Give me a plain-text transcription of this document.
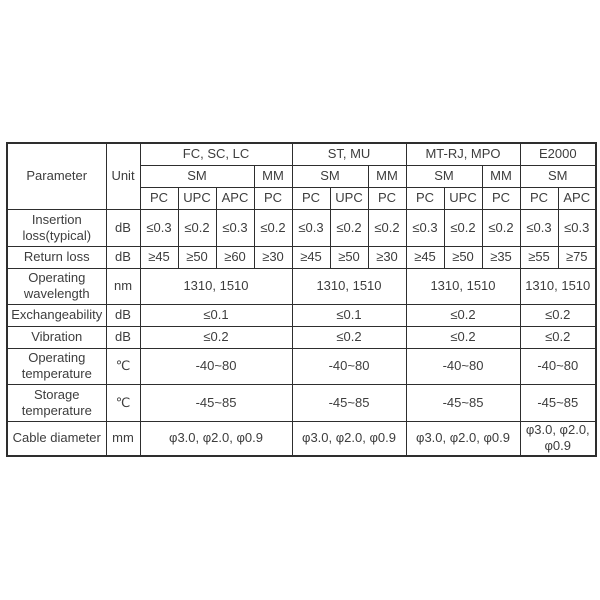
Parameter	Unit	FC, SC, LC				ST, MU			MT-RJ, MPO			E2000	
		SM			MM	SM		MM	SM		MM	SM	
		PC	UPC	APC	PC	PC	UPC	PC	PC	UPC	PC	PC	APC
Insertion loss(typical)	dB	≤0.3	≤0.2	≤0.3	≤0.2	≤0.3	≤0.2	≤0.2	≤0.3	≤0.2	≤0.2	≤0.3	≤0.3
Return loss	dB	≥45	≥50	≥60	≥30	≥45	≥50	≥30	≥45	≥50	≥35	≥55	≥75
Operating wavelength	nm	1310, 1510				1310, 1510			1310, 1510			1310, 1510	
Exchangeability	dB	≤0.1				≤0.1			≤0.2			≤0.2	
Vibration	dB	≤0.2				≤0.2			≤0.2			≤0.2	
Operating temperature	℃	-40~80				-40~80			-40~80			-40~80	
Storage temperature	℃	-45~85				-45~85			-45~85			-45~85	
Cable diameter	mm	φ3.0, φ2.0, φ0.9				φ3.0, φ2.0, φ0.9			φ3.0, φ2.0, φ0.9			φ3.0, φ2.0, φ0.9	
